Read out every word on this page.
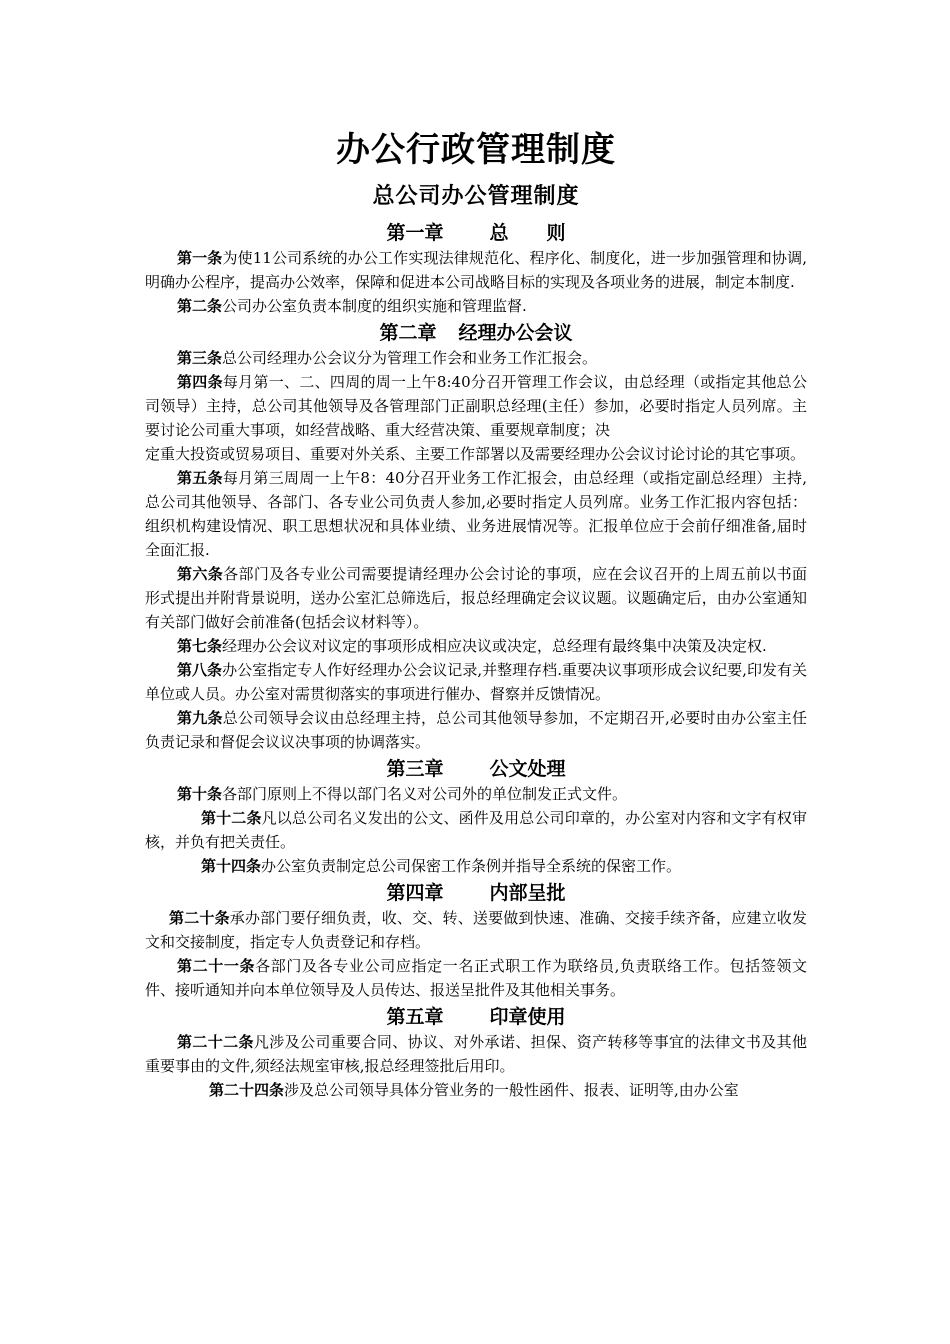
办公行政管理制度
总公司办公管理制度
第一章 总　　则

第一条为使11公司系统的办公工作实现法律规范化、程序化、制度化，进一步加强管理和协调,明确办公程序，提高办公效率，保障和促进本公司战略目标的实现及各项业务的进展，制定本制度.

第二条公司办公室负责本制度的组织实施和管理监督.

第二章 经理办公会议

第三条总公司经理办公会议分为管理工作会和业务工作汇报会。

第四条每月第一、二、四周的周一上午8:40分召开管理工作会议，由总经理（或指定其他总公司领导）主持，总公司其他领导及各管理部门正副职总经理(主任）参加，必要时指定人员列席。主要讨论公司重大事项，如经营战略、重大经营决策、重要规章制度；决

定重大投资或贸易项目、重要对外关系、主要工作部署以及需要经理办公会议讨论讨论的其它事项。

第五条每月第三周周一上午8：40分召开业务工作汇报会，由总经理（或指定副总经理）主持,总公司其他领导、各部门、各专业公司负责人参加,必要时指定人员列席。业务工作汇报内容包括：组织机构建设情况、职工思想状况和具体业绩、业务进展情况等。汇报单位应于会前仔细准备,届时全面汇报.

第六条各部门及各专业公司需要提请经理办公会讨论的事项，应在会议召开的上周五前以书面形式提出并附背景说明，送办公室汇总筛选后，报总经理确定会议议题。议题确定后，由办公室通知有关部门做好会前准备(包括会议材料等）。

第七条经理办公会议对议定的事项形成相应决议或决定，总经理有最终集中决策及决定权.

第八条办公室指定专人作好经理办公会议记录,并整理存档.重要决议事项形成会议纪要,印发有关单位或人员。办公室对需贯彻落实的事项进行催办、督察并反馈情况。

第九条总公司领导会议由总经理主持，总公司其他领导参加，不定期召开,必要时由办公室主任负责记录和督促会议议决事项的协调落实。

第三章 公文处理

第十条各部门原则上不得以部门名义对公司外的单位制发正式文件。

第十二条凡以总公司名义发出的公文、函件及用总公司印章的，办公室对内容和文字有权审核，并负有把关责任。

第十四条办公室负责制定总公司保密工作条例并指导全系统的保密工作。

第四章 内部呈批

第二十条承办部门要仔细负责，收、交、转、送要做到快速、准确、交接手续齐备，应建立收发文和交接制度，指定专人负责登记和存档。

第二十一条各部门及各专业公司应指定一名正式职工作为联络员,负责联络工作。包括签领文件、接听通知并向本单位领导及人员传达、报送呈批件及其他相关事务。

第五章 印章使用

第二十二条凡涉及公司重要合同、协议、对外承诺、担保、资产转移等事宜的法律文书及其他重要事由的文件,须经法规室审核,报总经理签批后用印。

第二十四条涉及总公司领导具体分管业务的一般性函件、报表、证明等,由办公室
